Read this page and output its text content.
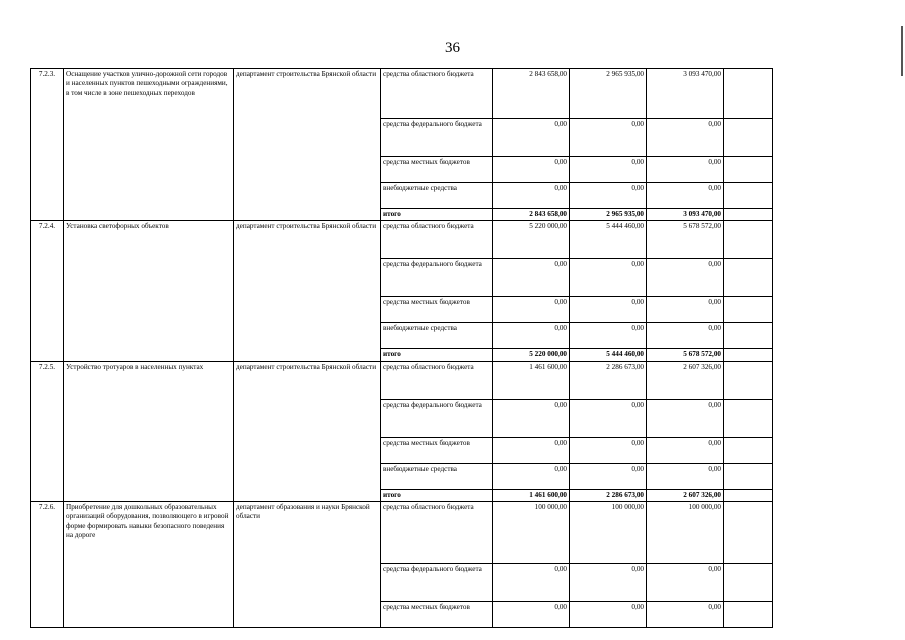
36
7.2.3.	Оснащение участков улично-дорожной сети городов и населенных пунктов пешеходными ограждениями, в том числе в зоне пешеходных переходов	департамент строительства Брянской области	средства областного бюджета	2 843 658,00	2 965 935,00	3 093 470,00	
			средства федерального бюджета	0,00	0,00	0,00	
			средства местных бюджетов	0,00	0,00	0,00	
			внебюджетные средства	0,00	0,00	0,00	
			итого	2 843 658,00	2 965 935,00	3 093 470,00	
7.2.4.	Установка светофорных объектов	департамент строительства Брянской области	средства областного бюджета	5 220 000,00	5 444 460,00	5 678 572,00	
			средства федерального бюджета	0,00	0,00	0,00	
			средства местных бюджетов	0,00	0,00	0,00	
			внебюджетные средства	0,00	0,00	0,00	
			итого	5 220 000,00	5 444 460,00	5 678 572,00	
7.2.5.	Устройство тротуаров в населенных пунктах	департамент строительства Брянской области	средства областного бюджета	1 461 600,00	2 286 673,00	2 607 326,00	
			средства федерального бюджета	0,00	0,00	0,00	
			средства местных бюджетов	0,00	0,00	0,00	
			внебюджетные средства	0,00	0,00	0,00	
			итого	1 461 600,00	2 286 673,00	2 607 326,00	
7.2.6.	Приобретение для дошкольных образовательных организаций оборудования, позволяющего в игровой форме формировать навыки безопасного поведения на дороге	департамент образования и науки Брянской области	средства областного бюджета	100 000,00	100 000,00	100 000,00	
			средства федерального бюджета	0,00	0,00	0,00	
			средства местных бюджетов	0,00	0,00	0,00	
